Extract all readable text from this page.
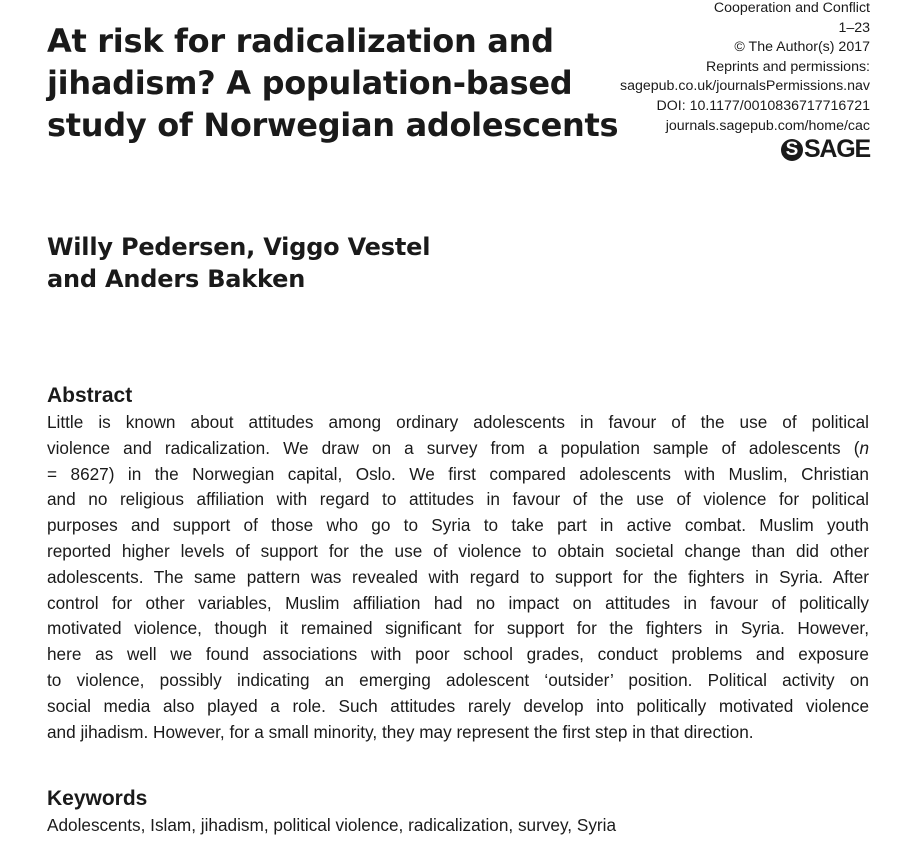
At risk for radicalization and
jihadism? A population-based
study of Norwegian adolescents
Cooperation and Conflict
1–23
© The Author(s) 2017
Reprints and permissions:
sagepub.co.uk/journalsPermissions.nav
DOI: 10.1177/0010836717716721
journals.sagepub.com/home/cac
S SAGE
Willy Pedersen, Viggo Vestel
and Anders Bakken
Abstract
Little is known about attitudes among ordinary adolescents in favour of the use of political
violence and radicalization. We draw on a survey from a population sample of adolescents (n
= 8627) in the Norwegian capital, Oslo. We first compared adolescents with Muslim, Christian
and no religious affiliation with regard to attitudes in favour of the use of violence for political
purposes and support of those who go to Syria to take part in active combat. Muslim youth
reported higher levels of support for the use of violence to obtain societal change than did other
adolescents. The same pattern was revealed with regard to support for the fighters in Syria. After
control for other variables, Muslim affiliation had no impact on attitudes in favour of politically
motivated violence, though it remained significant for support for the fighters in Syria. However,
here as well we found associations with poor school grades, conduct problems and exposure
to violence, possibly indicating an emerging adolescent ‘outsider’ position. Political activity on
social media also played a role. Such attitudes rarely develop into politically motivated violence
and jihadism. However, for a small minority, they may represent the first step in that direction.
Keywords

Adolescents, Islam, jihadism, political violence, radicalization, survey, Syria
